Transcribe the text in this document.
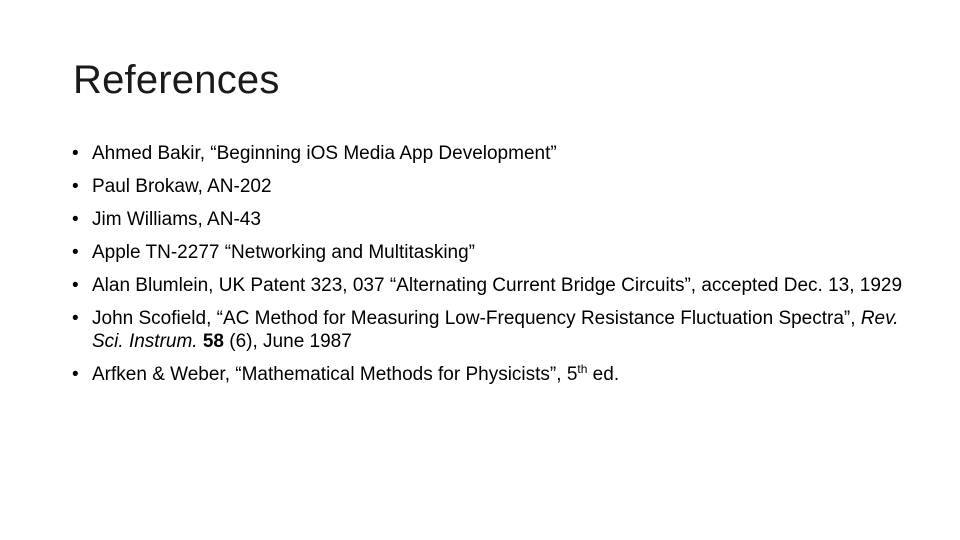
References
• Ahmed Bakir, “Beginning iOS Media App Development”
• Paul Brokaw, AN-202
• Jim Williams, AN-43
• Apple TN-2277 “Networking and Multitasking”
• Alan Blumlein, UK Patent 323, 037 “Alternating Current Bridge Circuits”, accepted Dec. 13, 1929
• John Scofield, “AC Method for Measuring Low-Frequency Resistance Fluctuation Spectra”, Rev. Sci. Instrum. 58 (6), June 1987
• Arfken & Weber, “Mathematical Methods for Physicists”, 5th ed.
